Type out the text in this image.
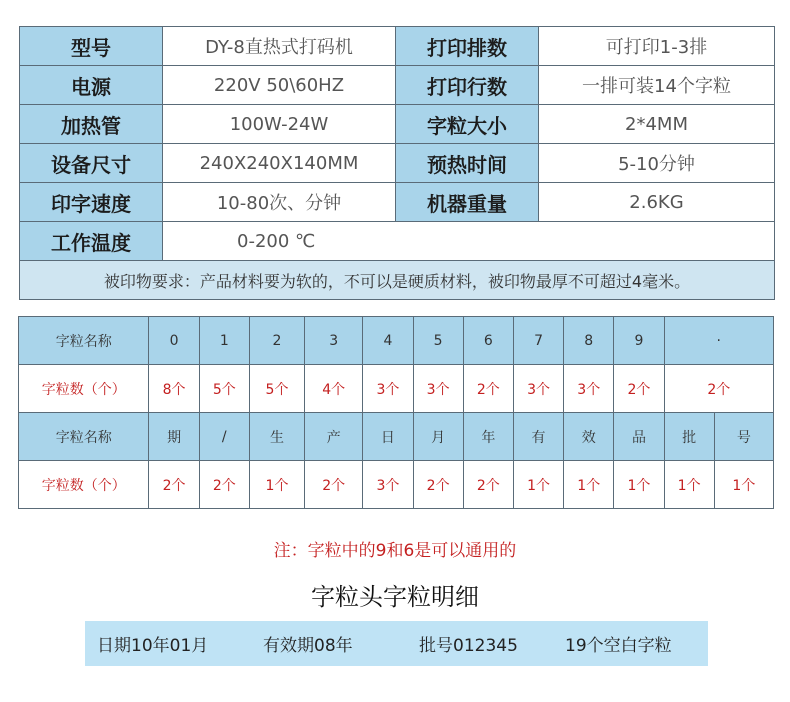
型号	DY-8直热式打码机	打印排数	可打印1-3排
电源	220V 50\60HZ	打印行数	一排可装14个字粒
加热管	100W-24W	字粒大小	2*4MM
设备尺寸	240X240X140MM	预热时间	5-10分钟
印字速度	10-80次、分钟	机器重量	2.6KG
工作温度	0-200 ℃		
被印物要求：产品材料要为软的，不可以是硬质材料，被印物最厚不可超过4毫米。			
字粒名称	0	1	2	3	4	5	6	7	8	9	·	
字粒数（个）	8个	5个	5个	4个	3个	3个	2个	3个	3个	2个	2个	
字粒名称	期	/	生	产	日	月	年	有	效	品	批	号
字粒数（个）	2个	2个	1个	2个	3个	2个	2个	1个	1个	1个	1个	1个
注：字粒中的9和6是可以通用的
字粒头字粒明细
日期10年01月	有效期08年	批号012345	19个空白字粒
